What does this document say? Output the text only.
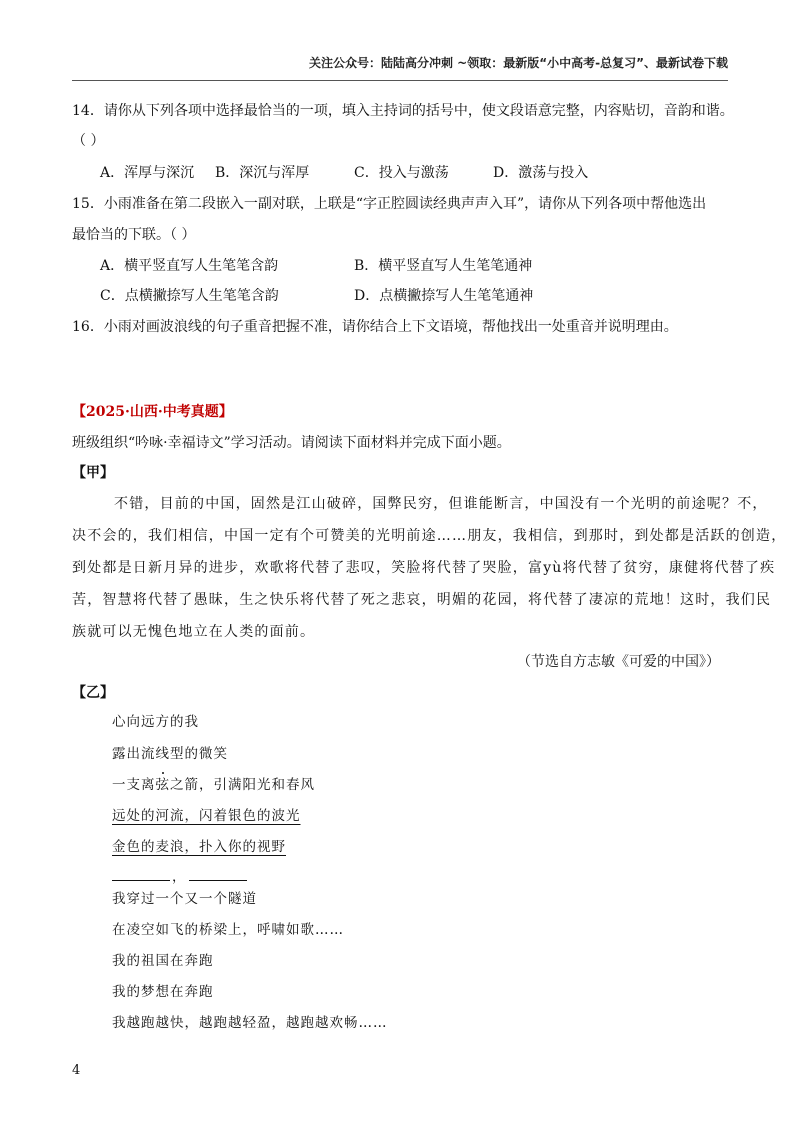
关注公众号：陆陆高分冲刺 ~领取：最新版“小中高考-总复习”、最新试卷下载
14．请你从下列各项中选择最恰当的一项，填入主持词的括号中，使文段语意完整，内容贴切，音韵和谐。
（ ）
A．浑厚与深沉 B．深沉与浑厚	C．投入与激荡	D．激荡与投入
15．小雨准备在第二段嵌入一副对联，上联是“字正腔圆读经典声声入耳”，请你从下列各项中帮他选出
最恰当的下联。（ ）
A．横平竖直写人生笔笔含韵	B．横平竖直写人生笔笔通神
C．点横撇捺写人生笔笔含韵	D．点横撇捺写人生笔笔通神
16．小雨对画波浪线的句子重音把握不准，请你结合上下文语境，帮他找出一处重音并说明理由。
【2025·山西·中考真题】
班级组织“吟咏·幸福诗文”学习活动。请阅读下面材料并完成下面小题。
【甲】
不错，目前的中国，固然是江山破碎，国弊民穷，但谁能断言，中国没有一个光明的前途呢？不，
决不会的，我们相信，中国一定有个可赞美的光明前途……朋友，我相信，到那时，到处都是活跃的创造，
到处都是日新月异的进步，欢歌将代替了悲叹，笑脸将代替了哭脸，富yù将代替了贫穷，康健将代替了疾
苦，智慧将代替了愚昧，生之快乐将代替了死之悲哀，明媚的花园，将代替了凄凉的荒地！这时，我们民
族就可以无愧色地立在人类的面前。
（节选自方志敏《可爱的中国》）
【乙】
心向远方的我
露出流线型的微笑
一支离弦之箭，引满阳光和春风
远处的河流，闪着银色的波光
金色的麦浪，扑入你的视野
，
我穿过一个又一个隧道
在凌空如飞的桥梁上，呼啸如歌……
我的祖国在奔跑
我的梦想在奔跑
我越跑越快，越跑越轻盈，越跑越欢畅……
4
